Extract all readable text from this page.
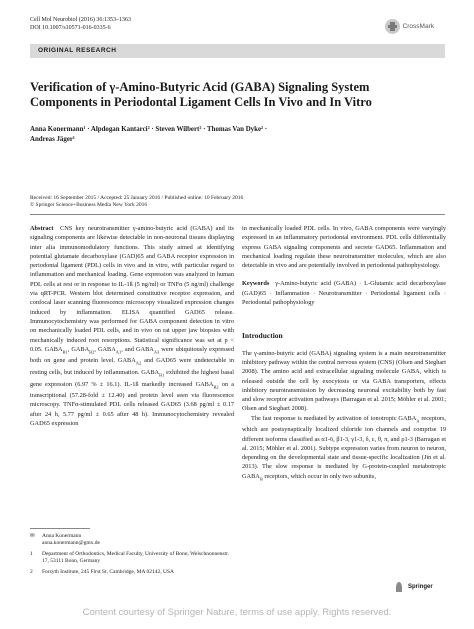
Cell Mol Neurobiol (2016) 36:1353–1363
DOI 10.1007/s10571-016-0335-6	CrossMark
ORIGINAL RESEARCH
Verification of γ-Amino-Butyric Acid (GABA) Signaling System
Components in Periodontal Ligament Cells In Vivo and In Vitro
Anna Konermann¹ · Alpdogan Kantarci² · Steven Wilbert² · Thomas Van Dyke² ·
Andreas Jäger¹
Received: 16 September 2015 / Accepted: 25 January 2016 / Published online: 10 February 2016
© Springer Science+Business Media New York 2016

Abstract CNS key neurotransmitter γ-amino-butyric acid (GABA) and its signaling components are likewise detectable in non-neuronal tissues displaying inter alia immunomodulatory functions. This study aimed at identifying potential glutamate decarboxylase (GAD)65 and GABA receptor expression in periodontal ligament (PDL) cells in vivo and in vitro, with particular regard to inflammation and mechanical loading. Gene expression was analyzed in human PDL cells at rest or in response to IL-1ß (5 ng/ml) or TNFα (5 ng/ml) challenge via qRT-PCR. Western blot determined constitutive receptor expression, and confocal laser scanning fluorescence microscopy visualized expression changes induced by inflammation. ELISA quantified GAD65 release. Immunocytochemistry was performed for GABA component detection in vitro on mechanically loaded PDL cells, and in vivo on rat upper jaw biopsies with mechanically induced root resorptions. Statistical significance was set at p < 0.05. $GABA_{B1}$, $GABA_{B2}$, $GABA_{A1}$, and $GABA_{A3}$ were ubiquitously expressed both on gene and protein level. $GABA_{A2}$ and GAD65 were undetectable in resting cells, but induced by inflammation. $GABA_{B1}$ exhibited the highest basal gene expression (6.97 % ± 16.1). IL-1ß markedly increased $GABA_{B2}$ on a transcriptional (57.28-fold ± 12.40) and protein level seen via fluorescence microscopy. TNFα-stimulated PDL cells released GAD65 (3.68 pg/ml ± 0.17 after 24 h, 5.77 pg/ml ± 0.65 after 48 h). Immunocytochemistry revealed GAD65 expression

in mechanically loaded PDL cells. In vivo, GABA components were varyingly expressed in an inflammatory periodontal environment. PDL cells differentially express GABA signaling components and secrete GAD65. Inflammation and mechanical loading regulate these neurotransmitter molecules, which are also detectable in vivo and are potentially involved in periodontal pathophysiology.

Keywords γ-Amino-butyric acid (GABA) · L-Glutamic acid decarboxylase (GAD)65 · Inflammation · Neurotransmitter · Periodontal ligament cells · Periodontal pathophysiology

Introduction

The γ-amino-butyric acid (GABA) signaling system is a main neurotransmitter inhibitory pathway within the central nervous system (CNS) (Olsen and Sieghart 2008). The amino acid and extracellular signaling molecule GABA, which is released outside the cell by exocytosis or via GABA transporters, effects inhibitory neurotransmission by decreasing neuronal excitability both by fast and slow receptor activation pathways (Barragan et al. 2015; Möhler et al. 2001; Olsen and Sieghart 2008).

The fast response is mediated by activation of ionotropic $GABA_A$ receptors, which are postsynaptically localized chloride ion channels and comprise 19 different isoforms classified as α1-6, β1-3, γ1-3, δ, ε, θ, π, and ρ1-3 (Barragan et al. 2015; Möhler et al. 2001). Subtype expression varies from neuron to neuron, depending on the developmental state and tissue-specific localization (Jin et al. 2013). The slow response is mediated by G-protein-coupled metabotropic $GABA_B$ receptors, which occur in only two subunits,

✉	Anna Konermann
anna.konermann@gmx.de
1	Department of Orthodontics, Medical Faculty, University of Bonn, Welschnonnenstr. 17, 53111 Bonn, Germany
2	Forsyth Institute, 245 First St, Cambridge, MA 02142, USA
Springer
Content courtesy of Springer Nature, terms of use apply. Rights reserved.
